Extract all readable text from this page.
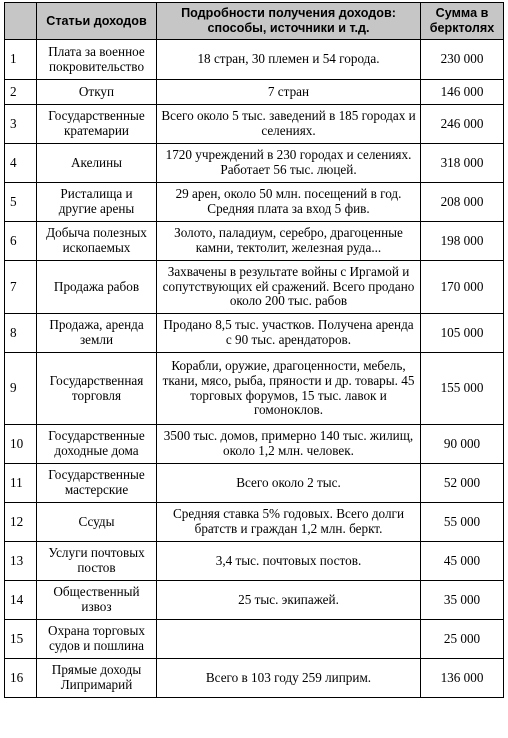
	Статьи доходов	Подробности получения доходов: способы, источники и т.д.	Сумма в берктолях
1	Плата за военное покровительство	18 стран, 30 племен и 54 города.	230 000
2	Откуп	7 стран	146 000
3	Государственные кратемарии	Всего около 5 тыс. заведений в 185 городах и селениях.	246 000
4	Акелины	1720 учреждений в 230 городах и селениях. Работает 56 тыс. люцей.	318 000
5	Ристалища и другие арены	29 арен, около 50 млн. посещений в год. Средняя плата за вход 5 фив.	208 000
6	Добыча полезных ископаемых	Золото, паладиум, серебро, драгоценные камни, тектолит, железная руда...	198 000
7	Продажа рабов	Захвачены в результате войны с Иргамой и сопутствующих ей сражений. Всего продано около 200 тыс. рабов	170 000
8	Продажа, аренда земли	Продано 8,5 тыс. участков. Получена аренда с 90 тыс. арендаторов.	105 000
9	Государственная торговля	Корабли, оружие, драгоценности, мебель, ткани, мясо, рыба, пряности и др. товары. 45 торговых форумов, 15 тыс. лавок и гомоноклов.	155 000
10	Государственные доходные дома	3500 тыс. домов, примерно 140 тыс. жилищ, около 1,2 млн. человек.	90 000
11	Государственные мастерские	Всего около 2 тыс.	52 000
12	Ссуды	Средняя ставка 5% годовых. Всего долги братств и граждан 1,2 млн. беркт.	55 000
13	Услуги почтовых постов	3,4 тыс. почтовых постов.	45 000
14	Общественный извоз	25 тыс. экипажей.	35 000
15	Охрана торговых судов и пошлина		25 000
16	Прямые доходы Липримарий	Всего в 103 году 259 липрим.	136 000
